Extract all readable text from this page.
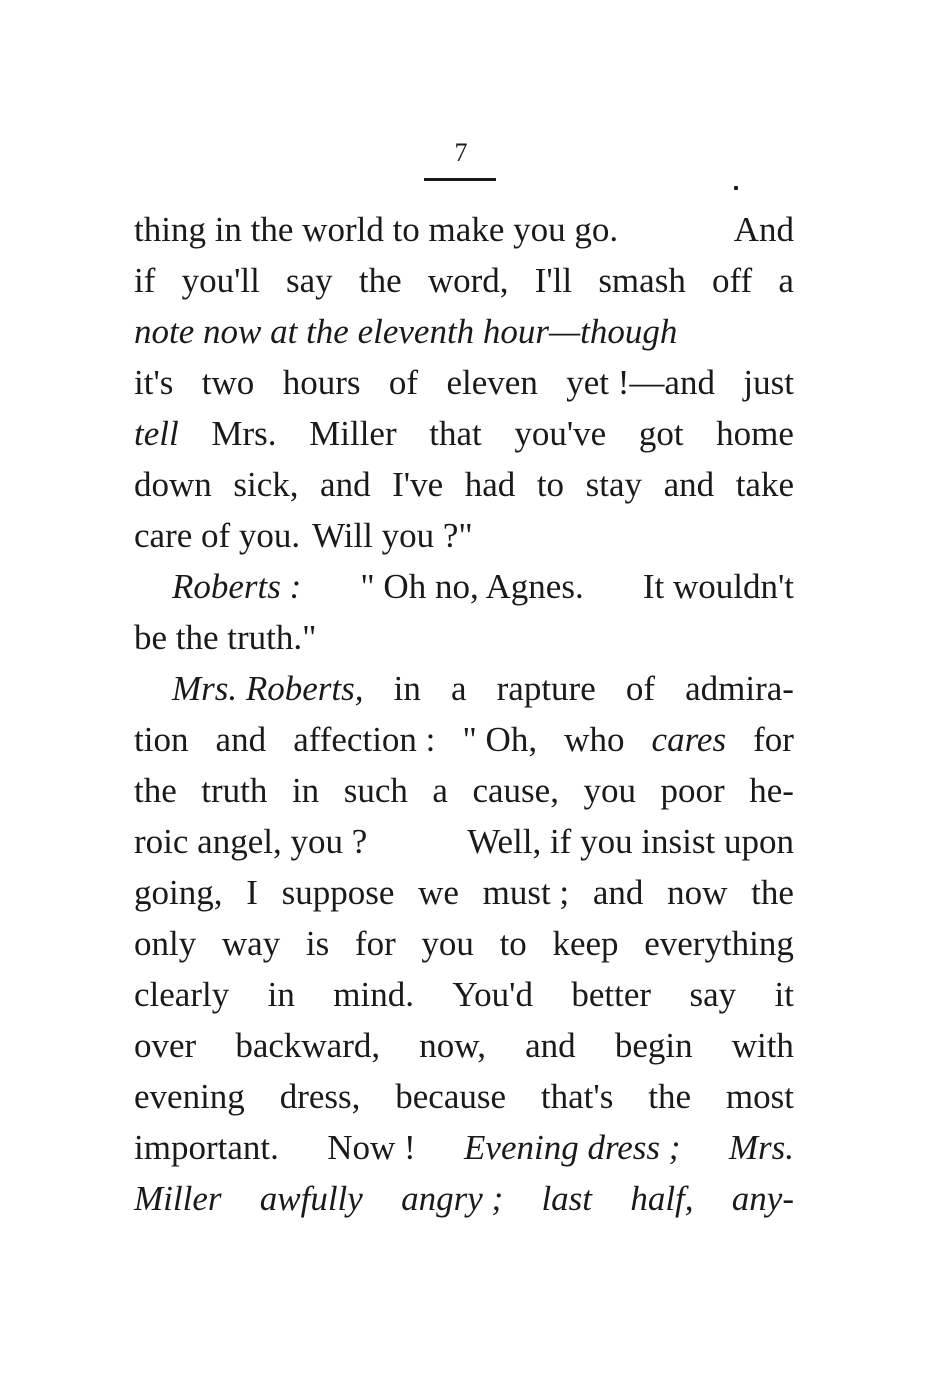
7
thing in the world to make you go.	And
if you'll say the word, I'll smash off a
note now at the eleventh hour—though
it's two hours of eleven yet !—and just
tell Mrs. Miller that you've got home
down sick, and I've had to stay and take
care of you. Will you ?"
Roberts : " Oh no, Agnes. It wouldn't
be the truth."
Mrs. Roberts, in a rapture of admira-
tion and affection : " Oh, who cares for
the truth in such a cause, you poor he-
roic angel, you ?	Well, if you insist upon
going, I suppose we must ; and now the
only way is for you to keep everything
clearly in mind. You'd better say it
over backward, now, and begin with
evening dress, because that's the most
important. Now ! Evening dress ; Mrs.
Miller awfully angry ; last half, any-
